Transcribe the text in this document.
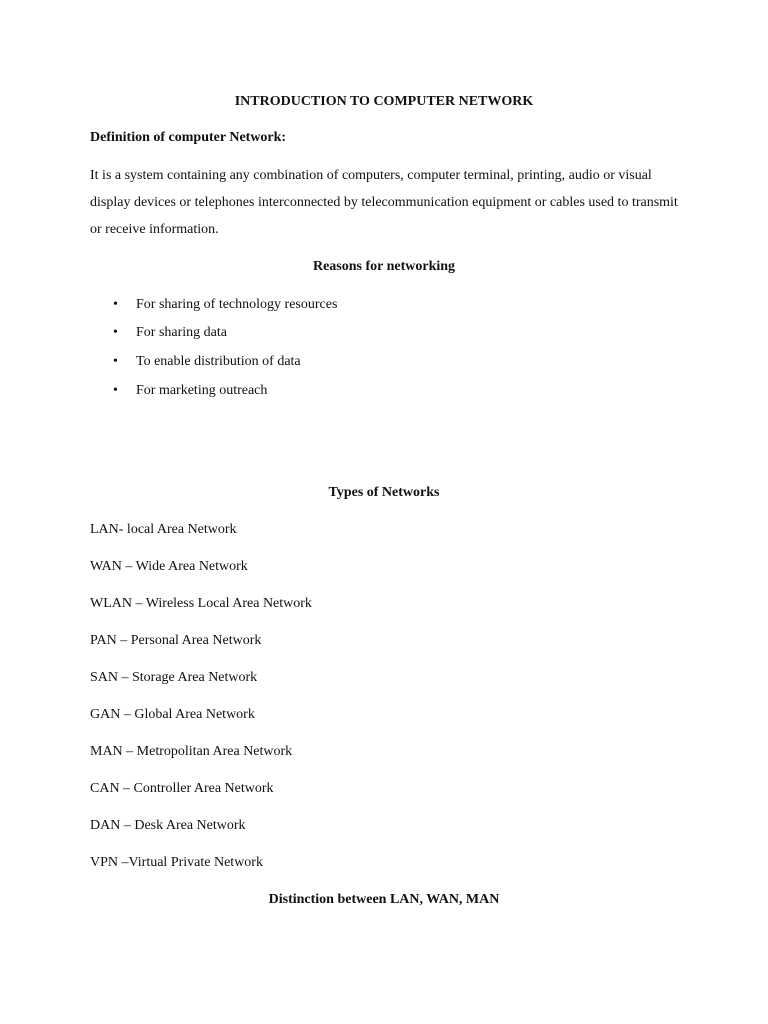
INTRODUCTION TO COMPUTER NETWORK
Definition of computer Network:

It is a system containing any combination of computers, computer terminal, printing, audio or visual display devices or telephones interconnected by telecommunication equipment or cables used to transmit or receive information.

Reasons for networking
• For sharing of technology resources
• For sharing data
• To enable distribution of data
• For marketing outreach
Types of Networks
LAN- local Area Network
WAN – Wide Area Network
WLAN – Wireless Local Area Network
PAN – Personal Area Network
SAN – Storage Area Network
GAN – Global Area Network
MAN – Metropolitan Area Network
CAN – Controller Area Network
DAN – Desk Area Network
VPN –Virtual Private Network
Distinction between LAN, WAN, MAN
